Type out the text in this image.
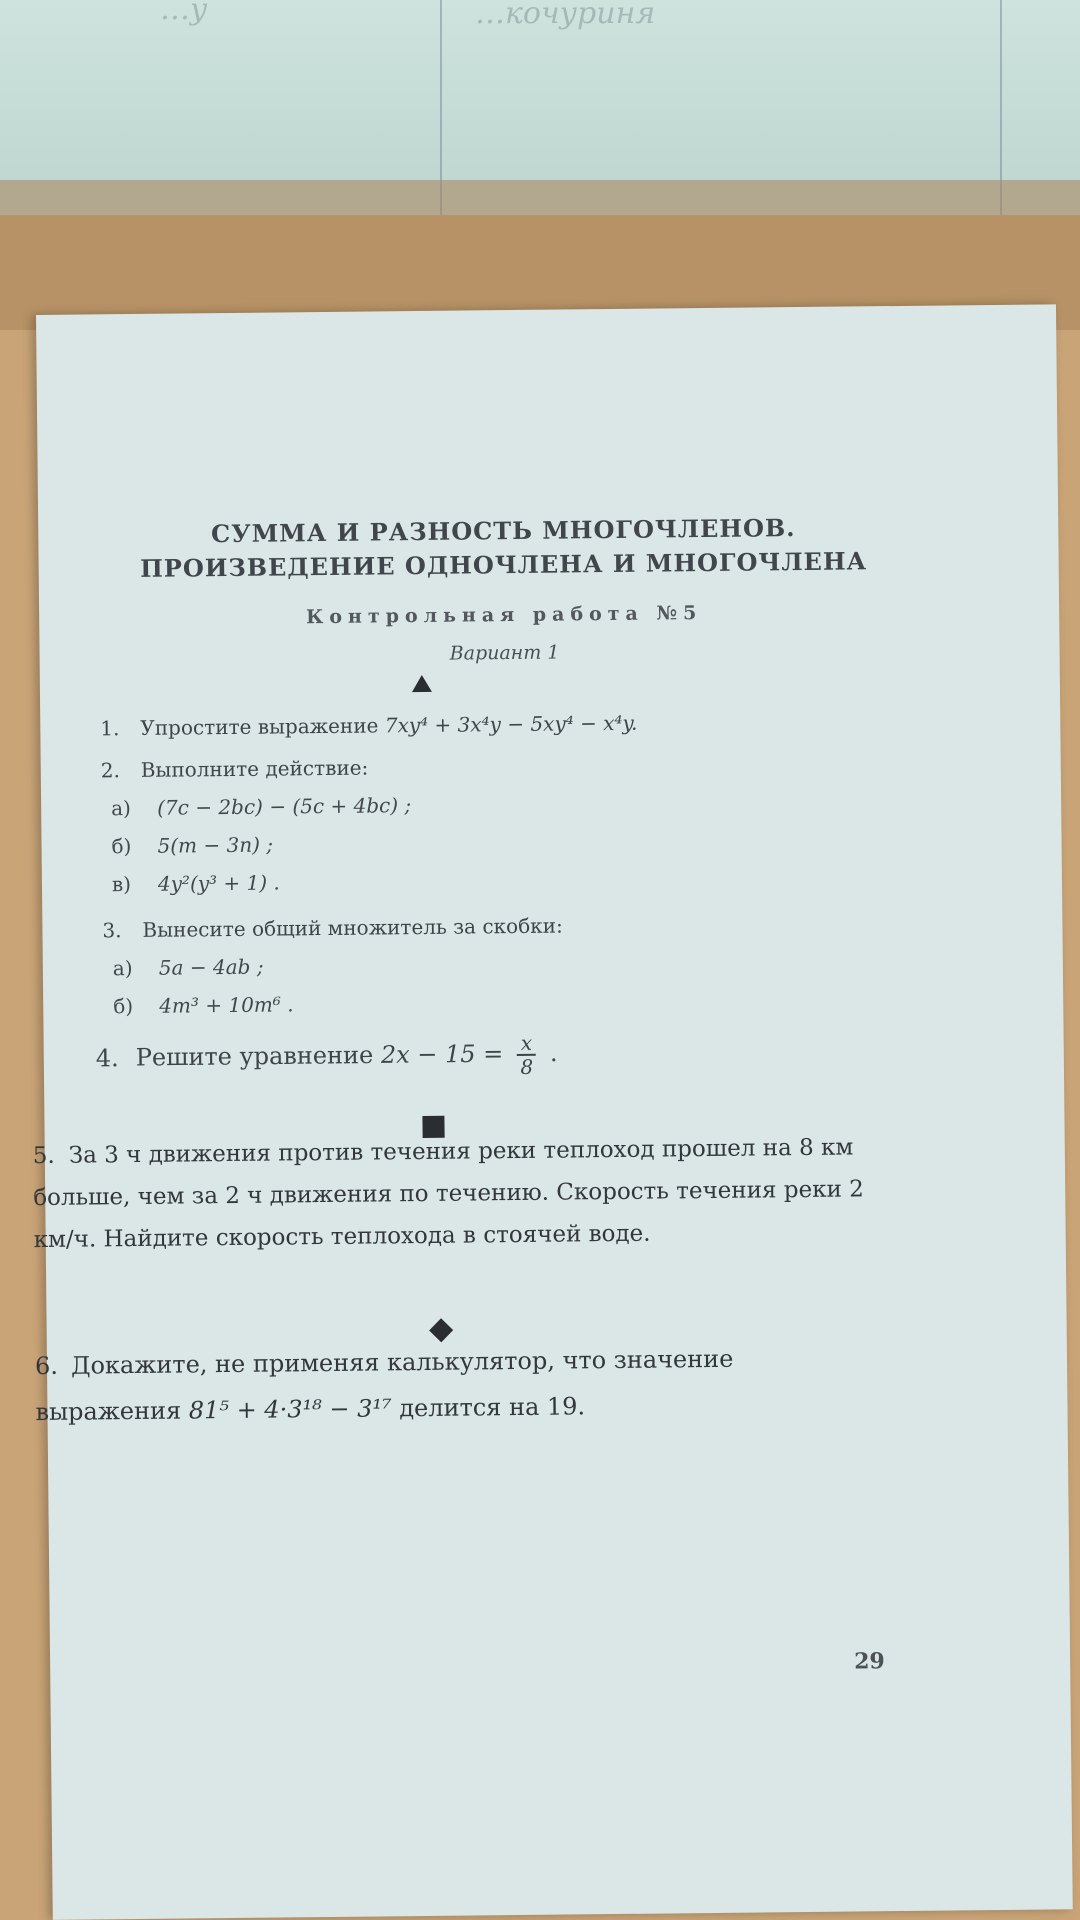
…у	…кочуриня
СУММА И РАЗНОСТЬ МНОГОЧЛЕНОВ.
ПРОИЗВЕДЕНИЕ ОДНОЧЛЕНА И МНОГОЧЛЕНА
Контрольная работа №5
Вариант 1
1. Упростите выражение 7xy⁴ + 3x⁴y − 5xy⁴ − x⁴y.
2. Выполните действие:
а) (7c − 2bc) − (5c + 4bc) ;
б) 5(m − 3n) ;
в) 4y²(y³ + 1) .
3. Вынесите общий множитель за скобки:
а) 5a − 4ab ;
б) 4m³ + 10m⁶ .
4. Решите уравнение $2x - 15 = \frac{x}{8}$ .
5. За 3 ч движения против течения реки теплоход прошел на 8 км больше, чем за 2 ч движения по течению. Скорость течения реки 2 км/ч. Найдите скорость теплохода в стоячей воде.
6. Докажите, не применяя калькулятор, что значение выражения 81⁵ + 4·3¹⁸ − 3¹⁷ делится на 19.
29
